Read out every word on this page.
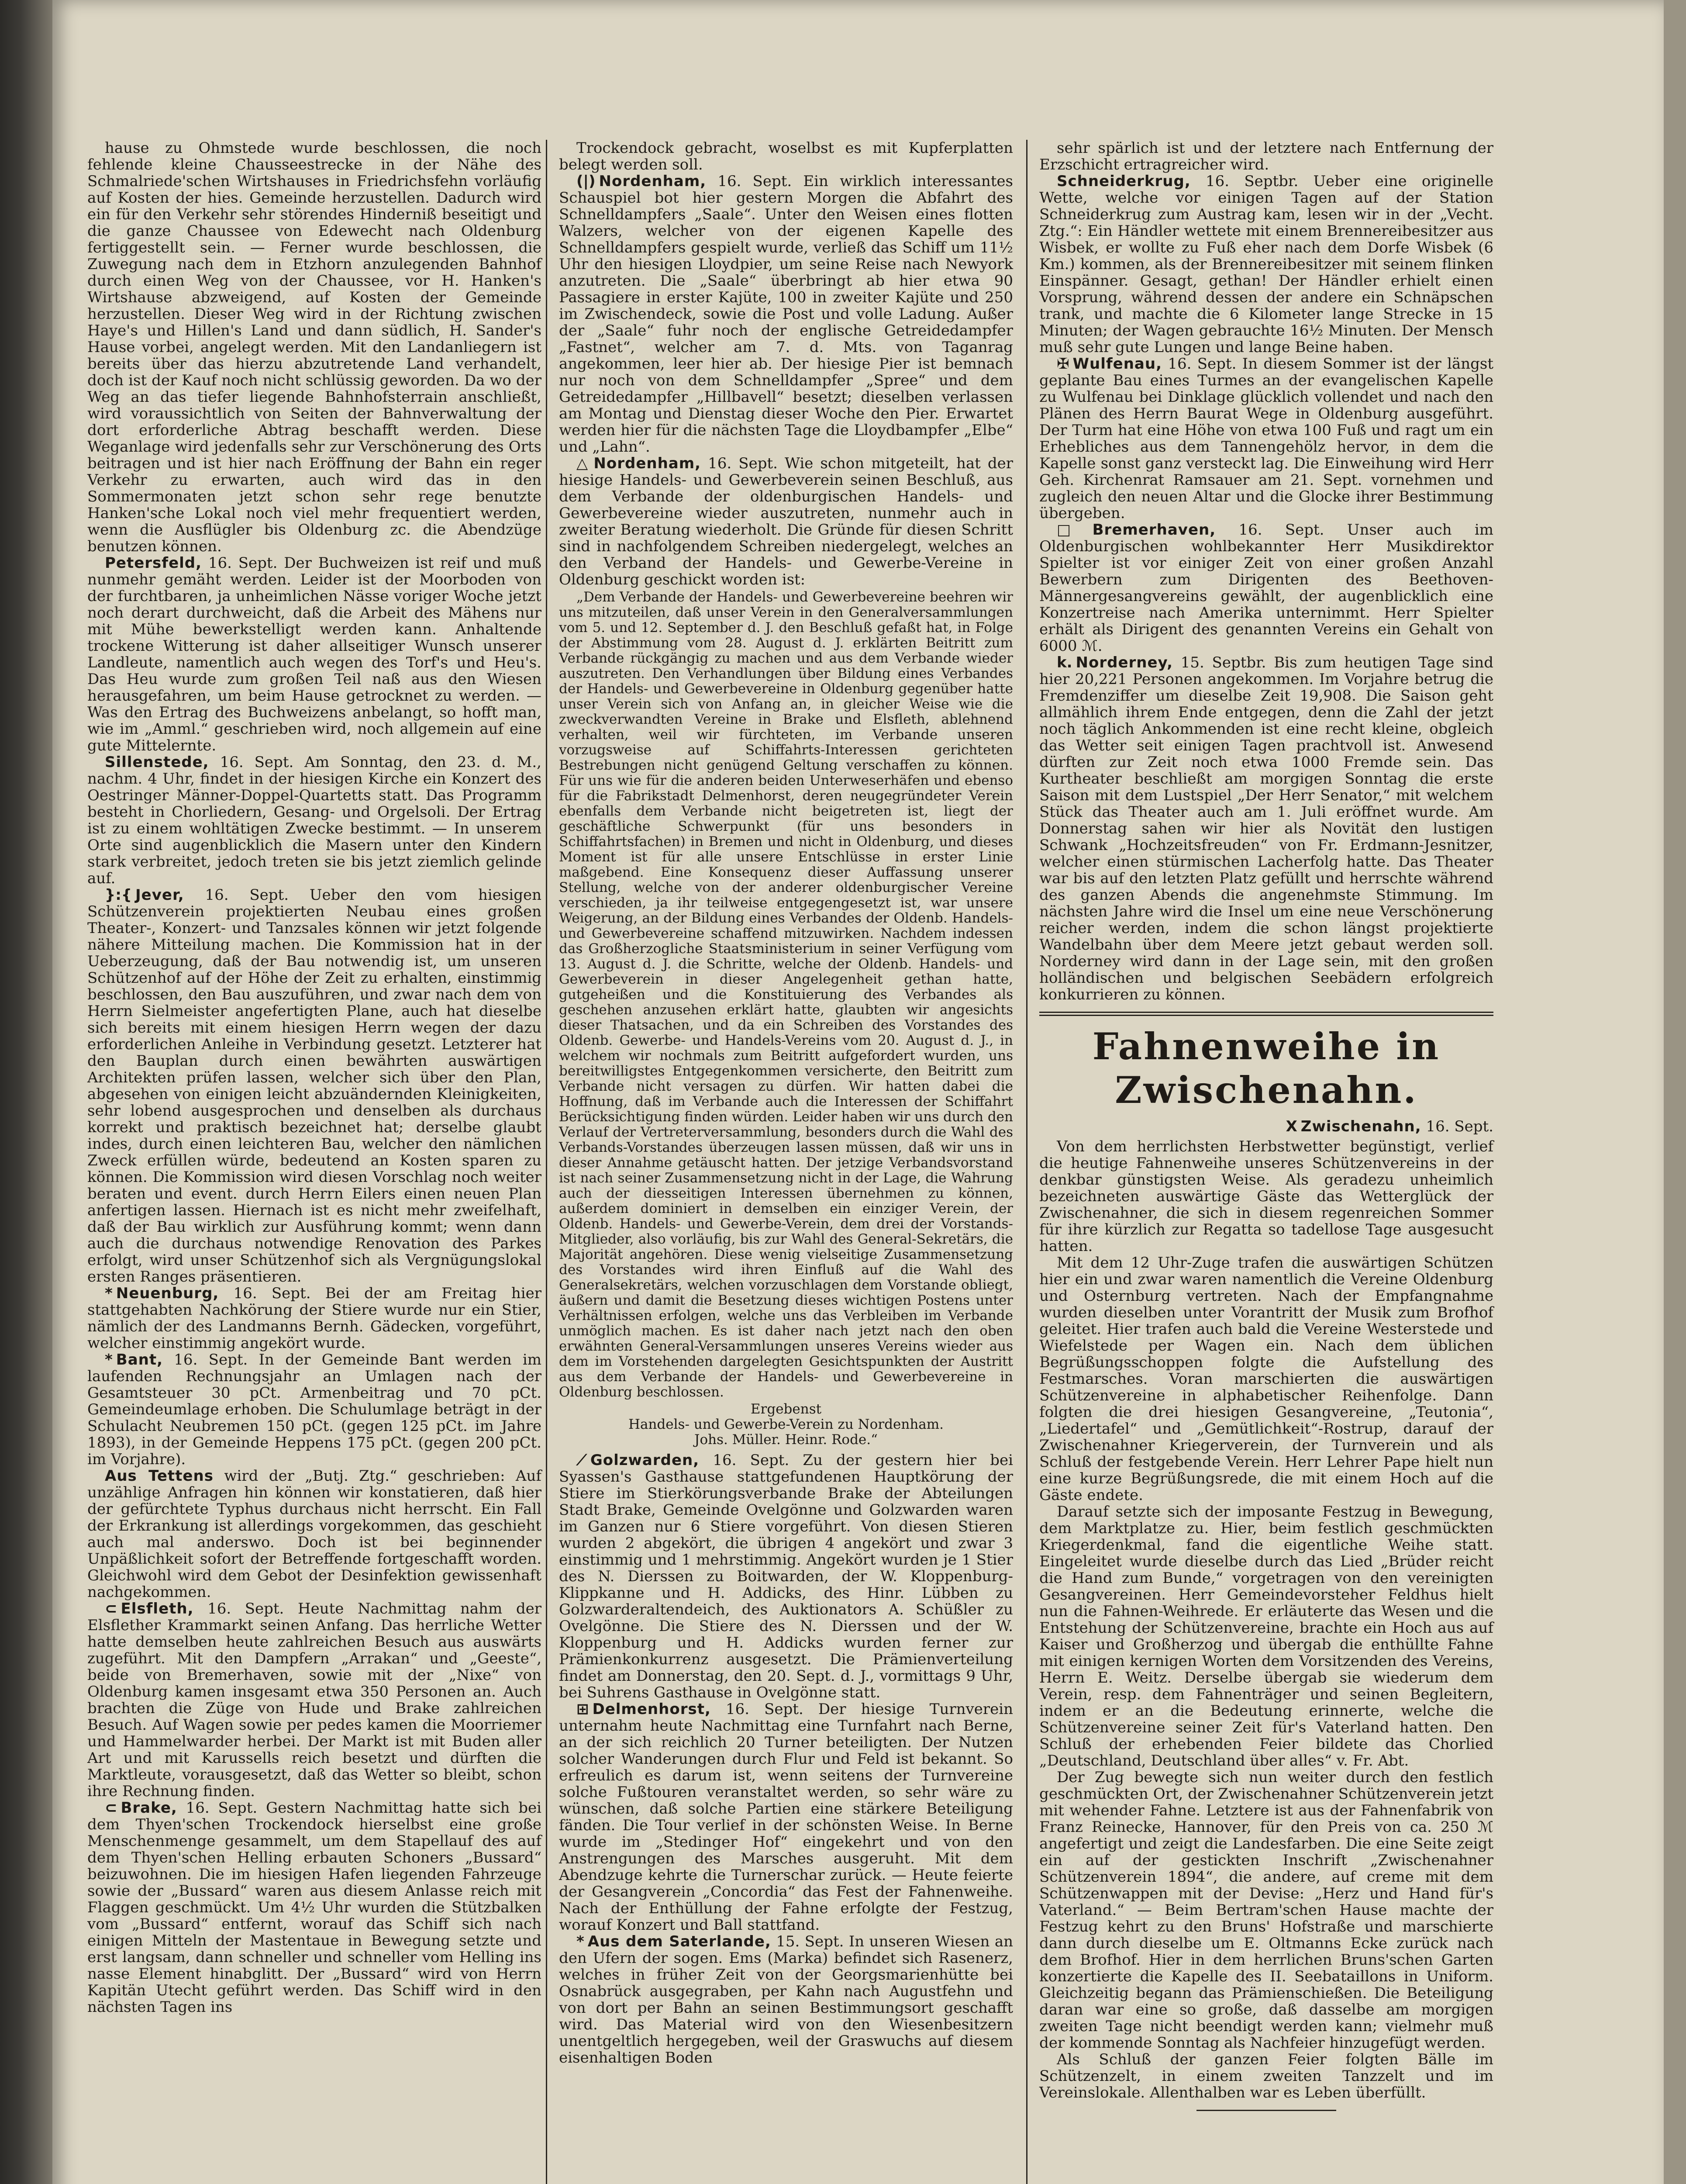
hause zu Ohmstede wurde beschlossen, die noch fehlende kleine Chausseestrecke in der Nähe des Schmalriede'schen Wirtshauses in Friedrichsfehn vorläufig auf Kosten der hies. Gemeinde herzustellen. Dadurch wird ein für den Verkehr sehr störendes Hinderniß beseitigt und die ganze Chaussee von Edewecht nach Oldenburg fertiggestellt sein. — Ferner wurde beschlossen, die Zuwegung nach dem in Etzhorn anzulegenden Bahnhof durch einen Weg von der Chaussee, vor H. Hanken's Wirtshause abzweigend, auf Kosten der Gemeinde herzustellen. Dieser Weg wird in der Richtung zwischen Haye's und Hillen's Land und dann südlich, H. Sander's Hause vorbei, angelegt werden. Mit den Landanliegern ist bereits über das hierzu abzutretende Land verhandelt, doch ist der Kauf noch nicht schlüssig geworden. Da wo der Weg an das tiefer liegende Bahnhofsterrain anschließt, wird voraussichtlich von Seiten der Bahnverwaltung der dort erforderliche Abtrag beschafft werden. Diese Weganlage wird jedenfalls sehr zur Verschönerung des Orts beitragen und ist hier nach Eröffnung der Bahn ein reger Verkehr zu erwarten, auch wird das in den Sommermonaten jetzt schon sehr rege benutzte Hanken'sche Lokal noch viel mehr frequentiert werden, wenn die Ausflügler bis Oldenburg zc. die Abendzüge benutzen können.

Petersfeld, 16. Sept. Der Buchweizen ist reif und muß nunmehr gemäht werden. Leider ist der Moorboden von der furchtbaren, ja unheimlichen Nässe voriger Woche jetzt noch derart durchweicht, daß die Arbeit des Mähens nur mit Mühe bewerkstelligt werden kann. Anhaltende trockene Witterung ist daher allseitiger Wunsch unserer Landleute, namentlich auch wegen des Torf's und Heu's. Das Heu wurde zum großen Teil naß aus den Wiesen herausgefahren, um beim Hause getrocknet zu werden. — Was den Ertrag des Buchweizens anbelangt, so hofft man, wie im „Amml.“ geschrieben wird, noch allgemein auf eine gute Mittelernte.

Sillenstede, 16. Sept. Am Sonntag, den 23. d. M., nachm. 4 Uhr, findet in der hiesigen Kirche ein Konzert des Oestringer Männer-Doppel-Quartetts statt. Das Programm besteht in Chorliedern, Gesang- und Orgelsoli. Der Ertrag ist zu einem wohltätigen Zwecke bestimmt. — In unserem Orte sind augenblicklich die Masern unter den Kindern stark verbreitet, jedoch treten sie bis jetzt ziemlich gelinde auf.

}:{ Jever, 16. Sept. Ueber den vom hiesigen Schützenverein projektierten Neubau eines großen Theater-, Konzert- und Tanzsales können wir jetzt folgende nähere Mitteilung machen. Die Kommission hat in der Ueberzeugung, daß der Bau notwendig ist, um unseren Schützenhof auf der Höhe der Zeit zu erhalten, einstimmig beschlossen, den Bau auszuführen, und zwar nach dem von Herrn Sielmeister angefertigten Plane, auch hat dieselbe sich bereits mit einem hiesigen Herrn wegen der dazu erforderlichen Anleihe in Verbindung gesetzt. Letzterer hat den Bauplan durch einen bewährten auswärtigen Architekten prüfen lassen, welcher sich über den Plan, abgesehen von einigen leicht abzuändernden Kleinigkeiten, sehr lobend ausgesprochen und denselben als durchaus korrekt und praktisch bezeichnet hat; derselbe glaubt indes, durch einen leichteren Bau, welcher den nämlichen Zweck erfüllen würde, bedeutend an Kosten sparen zu können. Die Kommission wird diesen Vorschlag noch weiter beraten und event. durch Herrn Eilers einen neuen Plan anfertigen lassen. Hiernach ist es nicht mehr zweifelhaft, daß der Bau wirklich zur Ausführung kommt; wenn dann auch die durchaus notwendige Renovation des Parkes erfolgt, wird unser Schützenhof sich als Vergnügungslokal ersten Ranges präsentieren.

* Neuenburg, 16. Sept. Bei der am Freitag hier stattgehabten Nachkörung der Stiere wurde nur ein Stier, nämlich der des Landmanns Bernh. Gädecken, vorgeführt, welcher einstimmig angekört wurde.

* Bant, 16. Sept. In der Gemeinde Bant werden im laufenden Rechnungsjahr an Umlagen nach der Gesamtsteuer 30 pCt. Armenbeitrag und 70 pCt. Gemeindeumlage erhoben. Die Schulumlage beträgt in der Schulacht Neubremen 150 pCt. (gegen 125 pCt. im Jahre 1893), in der Gemeinde Heppens 175 pCt. (gegen 200 pCt. im Vorjahre).

Aus Tettens wird der „Butj. Ztg.“ geschrieben: Auf unzählige Anfragen hin können wir konstatieren, daß hier der gefürchtete Typhus durchaus nicht herrscht. Ein Fall der Erkrankung ist allerdings vorgekommen, das geschieht auch mal anderswo. Doch ist bei beginnender Unpäßlichkeit sofort der Betreffende fortgeschafft worden. Gleichwohl wird dem Gebot der Desinfektion gewissenhaft nachgekommen.

⊂ Elsfleth, 16. Sept. Heute Nachmittag nahm der Elsflether Krammarkt seinen Anfang. Das herrliche Wetter hatte demselben heute zahlreichen Besuch aus auswärts zugeführt. Mit den Dampfern „Arrakan“ und „Geeste“, beide von Bremerhaven, sowie mit der „Nixe“ von Oldenburg kamen insgesamt etwa 350 Personen an. Auch brachten die Züge von Hude und Brake zahlreichen Besuch. Auf Wagen sowie per pedes kamen die Moorriemer und Hammelwarder herbei. Der Markt ist mit Buden aller Art und mit Karussells reich besetzt und dürften die Marktleute, vorausgesetzt, daß das Wetter so bleibt, schon ihre Rechnung finden.

⊂ Brake, 16. Sept. Gestern Nachmittag hatte sich bei dem Thyen'schen Trockendock hierselbst eine große Menschenmenge gesammelt, um dem Stapellauf des auf dem Thyen'schen Helling erbauten Schoners „Bussard“ beizuwohnen. Die im hiesigen Hafen liegenden Fahrzeuge sowie der „Bussard“ waren aus diesem Anlasse reich mit Flaggen geschmückt. Um 4½ Uhr wurden die Stützbalken vom „Bussard“ entfernt, worauf das Schiff sich nach einigen Mitteln der Mastentaue in Bewegung setzte und erst langsam, dann schneller und schneller vom Helling ins nasse Element hinabglitt. Der „Bussard“ wird von Herrn Kapitän Utecht geführt werden. Das Schiff wird in den nächsten Tagen ins

Trockendock gebracht, woselbst es mit Kupferplatten belegt werden soll.

(|) Nordenham, 16. Sept. Ein wirklich interessantes Schauspiel bot hier gestern Morgen die Abfahrt des Schnelldampfers „Saale“. Unter den Weisen eines flotten Walzers, welcher von der eigenen Kapelle des Schnelldampfers gespielt wurde, verließ das Schiff um 11½ Uhr den hiesigen Lloydpier, um seine Reise nach Newyork anzutreten. Die „Saale“ überbringt ab hier etwa 90 Passagiere in erster Kajüte, 100 in zweiter Kajüte und 250 im Zwischendeck, sowie die Post und volle Ladung. Außer der „Saale“ fuhr noch der englische Getreidedampfer „Fastnet“, welcher am 7. d. Mts. von Taganrag angekommen, leer hier ab. Der hiesige Pier ist bemnach nur noch von dem Schnelldampfer „Spree“ und dem Getreidedampfer „Hillbavell“ besetzt; dieselben verlassen am Montag und Dienstag dieser Woche den Pier. Erwartet werden hier für die nächsten Tage die Lloydbampfer „Elbe“ und „Lahn“.

△ Nordenham, 16. Sept. Wie schon mitgeteilt, hat der hiesige Handels- und Gewerbeverein seinen Beschluß, aus dem Verbande der oldenburgischen Handels- und Gewerbevereine wieder auszutreten, nunmehr auch in zweiter Beratung wiederholt. Die Gründe für diesen Schritt sind in nachfolgendem Schreiben niedergelegt, welches an den Verband der Handels- und Gewerbe-Vereine in Oldenburg geschickt worden ist:

„Dem Verbande der Handels- und Gewerbevereine beehren wir uns mitzuteilen, daß unser Verein in den Generalversammlungen vom 5. und 12. September d. J. den Beschluß gefaßt hat, in Folge der Abstimmung vom 28. August d. J. erklärten Beitritt zum Verbande rückgängig zu machen und aus dem Verbande wieder auszutreten. Den Verhandlungen über Bildung eines Verbandes der Handels- und Gewerbevereine in Oldenburg gegenüber hatte unser Verein sich von Anfang an, in gleicher Weise wie die zweckverwandten Vereine in Brake und Elsfleth, ablehnend verhalten, weil wir fürchteten, im Verbande unseren vorzugsweise auf Schiffahrts-Interessen gerichteten Bestrebungen nicht genügend Geltung verschaffen zu können. Für uns wie für die anderen beiden Unterweserhäfen und ebenso für die Fabrikstadt Delmenhorst, deren neugegründeter Verein ebenfalls dem Verbande nicht beigetreten ist, liegt der geschäftliche Schwerpunkt (für uns besonders in Schiffahrtsfachen) in Bremen und nicht in Oldenburg, und dieses Moment ist für alle unsere Entschlüsse in erster Linie maßgebend. Eine Konsequenz dieser Auffassung unserer Stellung, welche von der anderer oldenburgischer Vereine verschieden, ja ihr teilweise entgegengesetzt ist, war unsere Weigerung, an der Bildung eines Verbandes der Oldenb. Handels- und Gewerbevereine schaffend mitzuwirken. Nachdem indessen das Großherzogliche Staatsministerium in seiner Verfügung vom 13. August d. J. die Schritte, welche der Oldenb. Handels- und Gewerbeverein in dieser Angelegenheit gethan hatte, gutgeheißen und die Konstituierung des Verbandes als geschehen anzusehen erklärt hatte, glaubten wir angesichts dieser Thatsachen, und da ein Schreiben des Vorstandes des Oldenb. Gewerbe- und Handels-Vereins vom 20. August d. J., in welchem wir nochmals zum Beitritt aufgefordert wurden, uns bereitwilligstes Entgegenkommen versicherte, den Beitritt zum Verbande nicht versagen zu dürfen. Wir hatten dabei die Hoffnung, daß im Verbande auch die Interessen der Schiffahrt Berücksichtigung finden würden. Leider haben wir uns durch den Verlauf der Vertreterversammlung, besonders durch die Wahl des Verbands-Vorstandes überzeugen lassen müssen, daß wir uns in dieser Annahme getäuscht hatten. Der jetzige Verbandsvorstand ist nach seiner Zusammensetzung nicht in der Lage, die Wahrung auch der diesseitigen Interessen übernehmen zu können, außerdem dominiert in demselben ein einziger Verein, der Oldenb. Handels- und Gewerbe-Verein, dem drei der Vorstands-Mitglieder, also vorläufig, bis zur Wahl des General-Sekretärs, die Majorität angehören. Diese wenig vielseitige Zusammensetzung des Vorstandes wird ihren Einfluß auf die Wahl des Generalsekretärs, welchen vorzuschlagen dem Vorstande obliegt, äußern und damit die Besetzung dieses wichtigen Postens unter Verhältnissen erfolgen, welche uns das Verbleiben im Verbande unmöglich machen. Es ist daher nach jetzt nach den oben erwähnten General-Versammlungen unseres Vereins wieder aus dem im Vorstehenden dargelegten Gesichtspunkten der Austritt aus dem Verbande der Handels- und Gewerbevereine in Oldenburg beschlossen.

Ergebenst
Handels- und Gewerbe-Verein zu Nordenham.
Johs. Müller. Heinr. Rode.“

⟋ Golzwarden, 16. Sept. Zu der gestern hier bei Syassen's Gasthause stattgefundenen Hauptkörung der Stiere im Stierkörungsverbande Brake der Abteilungen Stadt Brake, Gemeinde Ovelgönne und Golzwarden waren im Ganzen nur 6 Stiere vorgeführt. Von diesen Stieren wurden 2 abgekört, die übrigen 4 angekört und zwar 3 einstimmig und 1 mehrstimmig. Angekört wurden je 1 Stier des N. Dierssen zu Boitwarden, der W. Kloppenburg-Klippkanne und H. Addicks, des Hinr. Lübben zu Golzwarderaltendeich, des Auktionators A. Schüßler zu Ovelgönne. Die Stiere des N. Dierssen und der W. Kloppenburg und H. Addicks wurden ferner zur Prämienkonkurrenz ausgesetzt. Die Prämienverteilung findet am Donnerstag, den 20. Sept. d. J., vormittags 9 Uhr, bei Suhrens Gasthause in Ovelgönne statt.

⊞ Delmenhorst, 16. Sept. Der hiesige Turnverein unternahm heute Nachmittag eine Turnfahrt nach Berne, an der sich reichlich 20 Turner beteiligten. Der Nutzen solcher Wanderungen durch Flur und Feld ist bekannt. So erfreulich es darum ist, wenn seitens der Turnvereine solche Fußtouren veranstaltet werden, so sehr wäre zu wünschen, daß solche Partien eine stärkere Beteiligung fänden. Die Tour verlief in der schönsten Weise. In Berne wurde im „Stedinger Hof“ eingekehrt und von den Anstrengungen des Marsches ausgeruht. Mit dem Abendzuge kehrte die Turnerschar zurück. — Heute feierte der Gesangverein „Concordia“ das Fest der Fahnenweihe. Nach der Enthüllung der Fahne erfolgte der Festzug, worauf Konzert und Ball stattfand.

* Aus dem Saterlande, 15. Sept. In unseren Wiesen an den Ufern der sogen. Ems (Marka) befindet sich Rasenerz, welches in früher Zeit von der Georgsmarienhütte bei Osnabrück ausgegraben, per Kahn nach Augustfehn und von dort per Bahn an seinen Bestimmungsort geschafft wird. Das Material wird von den Wiesenbesitzern unentgeltlich hergegeben, weil der Graswuchs auf diesem eisenhaltigen Boden

sehr spärlich ist und der letztere nach Entfernung der Erzschicht ertragreicher wird.

Schneiderkrug, 16. Septbr. Ueber eine originelle Wette, welche vor einigen Tagen auf der Station Schneiderkrug zum Austrag kam, lesen wir in der „Vecht. Ztg.“: Ein Händler wettete mit einem Brennereibesitzer aus Wisbek, er wollte zu Fuß eher nach dem Dorfe Wisbek (6 Km.) kommen, als der Brennereibesitzer mit seinem flinken Einspänner. Gesagt, gethan! Der Händler erhielt einen Vorsprung, während dessen der andere ein Schnäpschen trank, und machte die 6 Kilometer lange Strecke in 15 Minuten; der Wagen gebrauchte 16½ Minuten. Der Mensch muß sehr gute Lungen und lange Beine haben.

✠ Wulfenau, 16. Sept. In diesem Sommer ist der längst geplante Bau eines Turmes an der evangelischen Kapelle zu Wulfenau bei Dinklage glücklich vollendet und nach den Plänen des Herrn Baurat Wege in Oldenburg ausgeführt. Der Turm hat eine Höhe von etwa 100 Fuß und ragt um ein Erhebliches aus dem Tannengehölz hervor, in dem die Kapelle sonst ganz versteckt lag. Die Einweihung wird Herr Geh. Kirchenrat Ramsauer am 21. Sept. vornehmen und zugleich den neuen Altar und die Glocke ihrer Bestimmung übergeben.

□ Bremerhaven, 16. Sept. Unser auch im Oldenburgischen wohlbekannter Herr Musikdirektor Spielter ist vor einiger Zeit von einer großen Anzahl Bewerbern zum Dirigenten des Beethoven-Männergesangvereins gewählt, der augenblicklich eine Konzertreise nach Amerika unternimmt. Herr Spielter erhält als Dirigent des genannten Vereins ein Gehalt von 6000 ℳ.

k. Norderney, 15. Septbr. Bis zum heutigen Tage sind hier 20,221 Personen angekommen. Im Vorjahre betrug die Fremdenziffer um dieselbe Zeit 19,908. Die Saison geht allmählich ihrem Ende entgegen, denn die Zahl der jetzt noch täglich Ankommenden ist eine recht kleine, obgleich das Wetter seit einigen Tagen prachtvoll ist. Anwesend dürften zur Zeit noch etwa 1000 Fremde sein. Das Kurtheater beschließt am morgigen Sonntag die erste Saison mit dem Lustspiel „Der Herr Senator,“ mit welchem Stück das Theater auch am 1. Juli eröffnet wurde. Am Donnerstag sahen wir hier als Novität den lustigen Schwank „Hochzeitsfreuden“ von Fr. Erdmann-Jesnitzer, welcher einen stürmischen Lacherfolg hatte. Das Theater war bis auf den letzten Platz gefüllt und herrschte während des ganzen Abends die angenehmste Stimmung. Im nächsten Jahre wird die Insel um eine neue Verschönerung reicher werden, indem die schon längst projektierte Wandelbahn über dem Meere jetzt gebaut werden soll. Norderney wird dann in der Lage sein, mit den großen holländischen und belgischen Seebädern erfolgreich konkurrieren zu können.

Fahnenweihe in Zwischenahn.

X Zwischenahn, 16. Sept.

Von dem herrlichsten Herbstwetter begünstigt, verlief die heutige Fahnenweihe unseres Schützenvereins in der denkbar günstigsten Weise. Als geradezu unheimlich bezeichneten auswärtige Gäste das Wetterglück der Zwischenahner, die sich in diesem regenreichen Sommer für ihre kürzlich zur Regatta so tadellose Tage ausgesucht hatten.

Mit dem 12 Uhr-Zuge trafen die auswärtigen Schützen hier ein und zwar waren namentlich die Vereine Oldenburg und Osternburg vertreten. Nach der Empfangnahme wurden dieselben unter Vorantritt der Musik zum Brofhof geleitet. Hier trafen auch bald die Vereine Westerstede und Wiefelstede per Wagen ein. Nach dem üblichen Begrüßungsschoppen folgte die Aufstellung des Festmarsches. Voran marschierten die auswärtigen Schützenvereine in alphabetischer Reihenfolge. Dann folgten die drei hiesigen Gesangvereine, „Teutonia“, „Liedertafel“ und „Gemütlichkeit“-Rostrup, darauf der Zwischenahner Kriegerverein, der Turnverein und als Schluß der festgebende Verein. Herr Lehrer Pape hielt nun eine kurze Begrüßungsrede, die mit einem Hoch auf die Gäste endete.

Darauf setzte sich der imposante Festzug in Bewegung, dem Marktplatze zu. Hier, beim festlich geschmückten Kriegerdenkmal, fand die eigentliche Weihe statt. Eingeleitet wurde dieselbe durch das Lied „Brüder reicht die Hand zum Bunde,“ vorgetragen von den vereinigten Gesangvereinen. Herr Gemeindevorsteher Feldhus hielt nun die Fahnen-Weihrede. Er erläuterte das Wesen und die Entstehung der Schützenvereine, brachte ein Hoch aus auf Kaiser und Großherzog und übergab die enthüllte Fahne mit einigen kernigen Worten dem Vorsitzenden des Vereins, Herrn E. Weitz. Derselbe übergab sie wiederum dem Verein, resp. dem Fahnenträger und seinen Begleitern, indem er an die Bedeutung erinnerte, welche die Schützenvereine seiner Zeit für's Vaterland hatten. Den Schluß der erhebenden Feier bildete das Chorlied „Deutschland, Deutschland über alles“ v. Fr. Abt.

Der Zug bewegte sich nun weiter durch den festlich geschmückten Ort, der Zwischenahner Schützenverein jetzt mit wehender Fahne. Letztere ist aus der Fahnenfabrik von Franz Reinecke, Hannover, für den Preis von ca. 250 ℳ angefertigt und zeigt die Landesfarben. Die eine Seite zeigt ein auf der gestickten Inschrift „Zwischenahner Schützenverein 1894“, die andere, auf creme mit dem Schützenwappen mit der Devise: „Herz und Hand für's Vaterland.“ — Beim Bertram'schen Hause machte der Festzug kehrt zu den Bruns' Hofstraße und marschierte dann durch dieselbe um E. Oltmanns Ecke zurück nach dem Brofhof. Hier in dem herrlichen Bruns'schen Garten konzertierte die Kapelle des II. Seebataillons in Uniform. Gleichzeitig begann das Prämienschießen. Die Beteiligung daran war eine so große, daß dasselbe am morgigen zweiten Tage nicht beendigt werden kann; vielmehr muß der kommende Sonntag als Nachfeier hinzugefügt werden.

Als Schluß der ganzen Feier folgten Bälle im Schützenzelt, in einem zweiten Tanzzelt und im Vereinslokale. Allenthalben war es Leben überfüllt.
